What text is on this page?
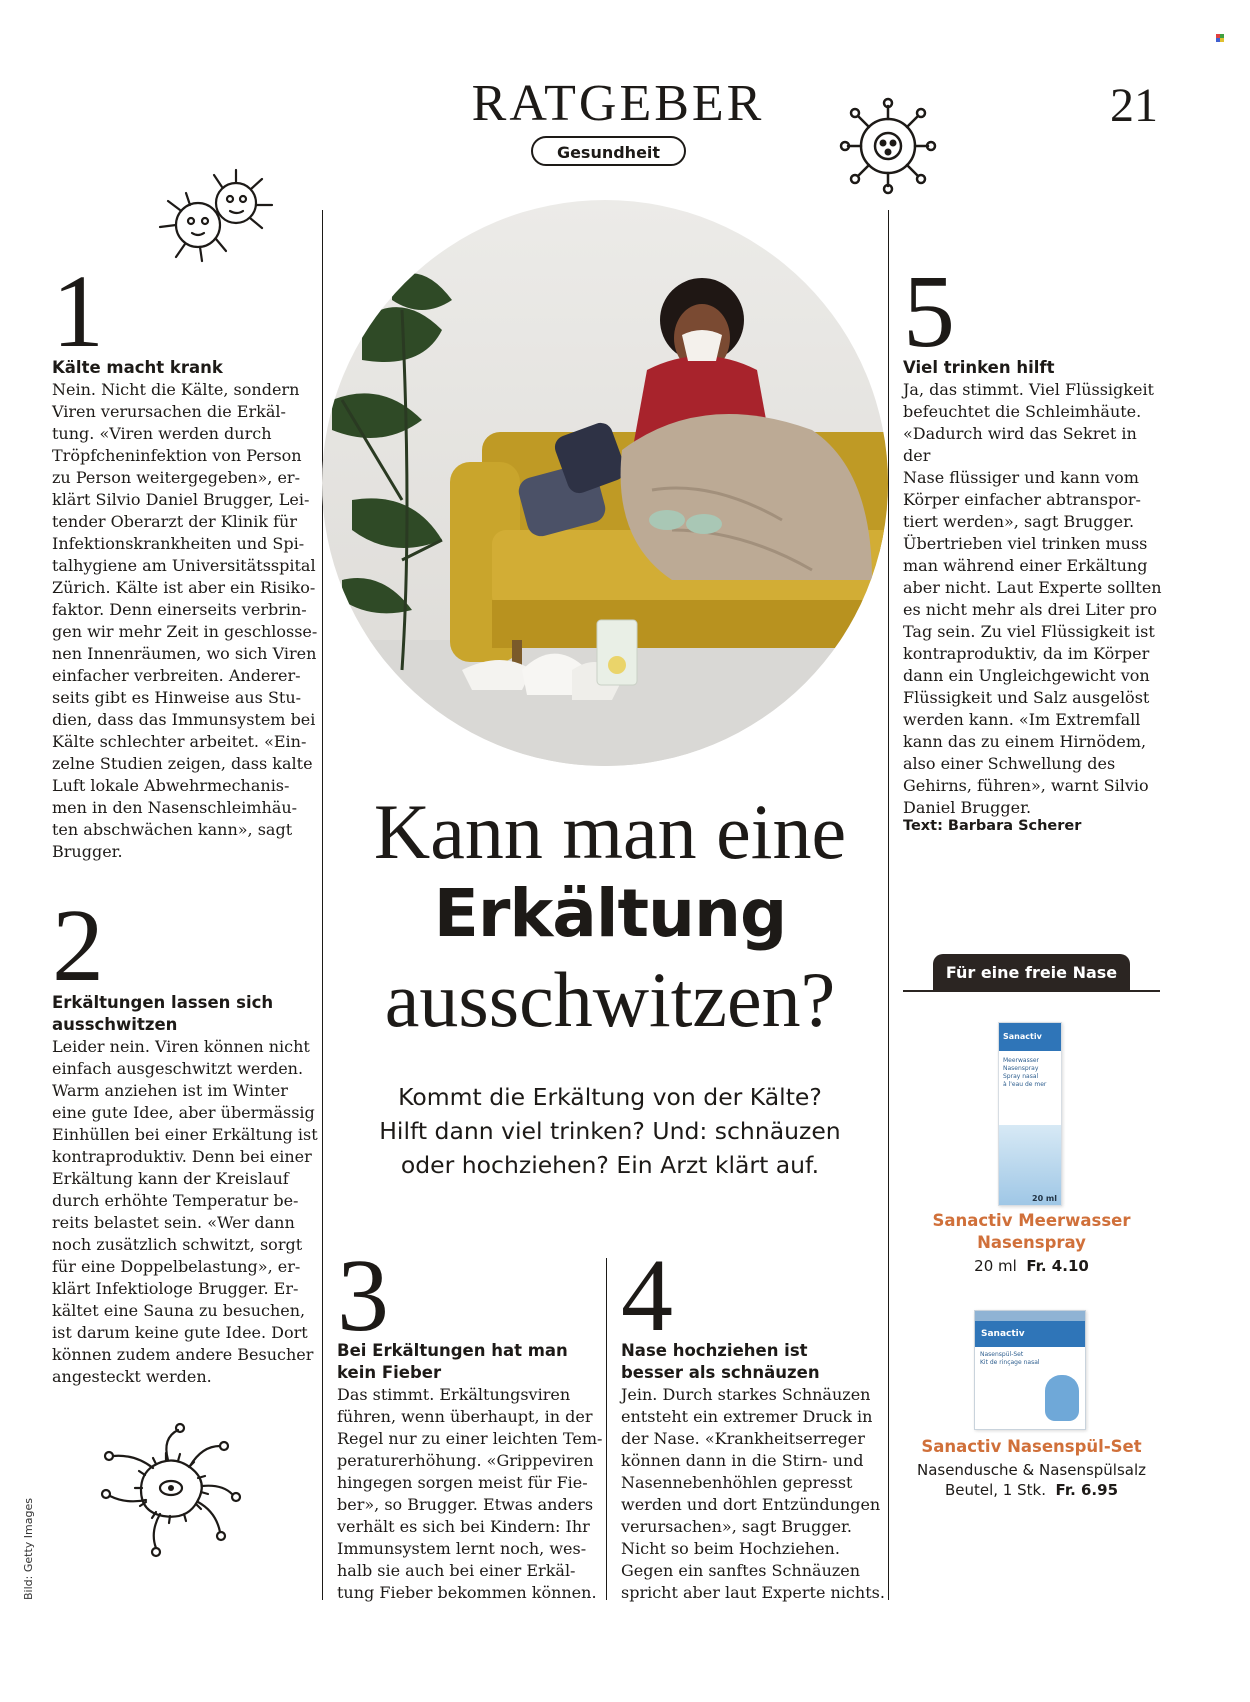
RATGEBER
Gesundheit
21
1
Kälte macht krank
Nein. Nicht die Kälte, sondern
Viren verursachen die Erkäl-
tung. «Viren werden durch
Tröpfcheninfektion von Person
zu Person weitergegeben», er-
klärt Silvio Daniel Brugger, Lei-
tender Oberarzt der Klinik für
Infektionskrankheiten und Spi-
talhygiene am Universitätsspital
Zürich. Kälte ist aber ein Risiko-
faktor. Denn einerseits verbrin-
gen wir mehr Zeit in geschlosse-
nen Innenräumen, wo sich Viren
einfacher verbreiten. Anderer-
seits gibt es Hinweise aus Stu-
dien, dass das Immunsystem bei
Kälte schlechter arbeitet. «Ein-
zelne Studien zeigen, dass kalte
Luft lokale Abwehrmechanis-
men in den Nasenschleimhäu-
ten abschwächen kann», sagt
Brugger.
2
Erkältungen lassen sich ausschwitzen
Leider nein. Viren können nicht
einfach ausgeschwitzt werden.
Warm anziehen ist im Winter
eine gute Idee, aber übermässig
Einhüllen bei einer Erkältung ist
kontraproduktiv. Denn bei einer
Erkältung kann der Kreislauf
durch erhöhte Temperatur be-
reits belastet sein. «Wer dann
noch zusätzlich schwitzt, sorgt
für eine Doppelbelastung», er-
klärt Infektiologe Brugger. Er-
kältet eine Sauna zu besuchen,
ist darum keine gute Idee. Dort
können zudem andere Besucher
angesteckt werden.
Bild: Getty Images
Kann man eine
Erkältung
ausschwitzen?
Kommt die Erkältung von der Kälte?
Hilft dann viel trinken? Und: schnäuzen
oder hochziehen? Ein Arzt klärt auf.
3
Bei Erkältungen hat man kein Fieber
Das stimmt. Erkältungsviren
führen, wenn überhaupt, in der
Regel nur zu einer leichten Tem-
peraturerhöhung. «Grippeviren
hingegen sorgen meist für Fie-
ber», so Brugger. Etwas anders
verhält es sich bei Kindern: Ihr
Immunsystem lernt noch, wes-
halb sie auch bei einer Erkäl-
tung Fieber bekommen können.
4
Nase hochziehen ist besser als schnäuzen
Jein. Durch starkes Schnäuzen
entsteht ein extremer Druck in
der Nase. «Krankheitserreger
können dann in die Stirn- und
Nasennebenhöhlen gepresst
werden und dort Entzündungen
verursachen», sagt Brugger.
Nicht so beim Hochziehen.
Gegen ein sanftes Schnäuzen
spricht aber laut Experte nichts.
5
Viel trinken hilft
Ja, das stimmt. Viel Flüssigkeit
befeuchtet die Schleimhäute.
«Dadurch wird das Sekret in der
Nase flüssiger und kann vom
Körper einfacher abtranspor-
tiert werden», sagt Brugger.
Übertrieben viel trinken muss
man während einer Erkältung
aber nicht. Laut Experte sollten
es nicht mehr als drei Liter pro
Tag sein. Zu viel Flüssigkeit ist
kontraproduktiv, da im Körper
dann ein Ungleichgewicht von
Flüssigkeit und Salz ausgelöst
werden kann. «Im Extremfall
kann das zu einem Hirnödem,
also einer Schwellung des
Gehirns, führen», warnt Silvio
Daniel Brugger.
Text: Barbara Scherer
Für eine freie Nase
Sanactiv
Meerwasser
Nasenspray
Spray nasal
à l'eau de mer
20 ml
Sanactiv Meerwasser Nasenspray
20 ml Fr. 4.10
Sanactiv
Nasenspül-Set
Kit de rinçage nasal
Sanactiv Nasenspül-Set
Nasendusche & Nasenspülsalz
Beutel, 1 Stk. Fr. 6.95
